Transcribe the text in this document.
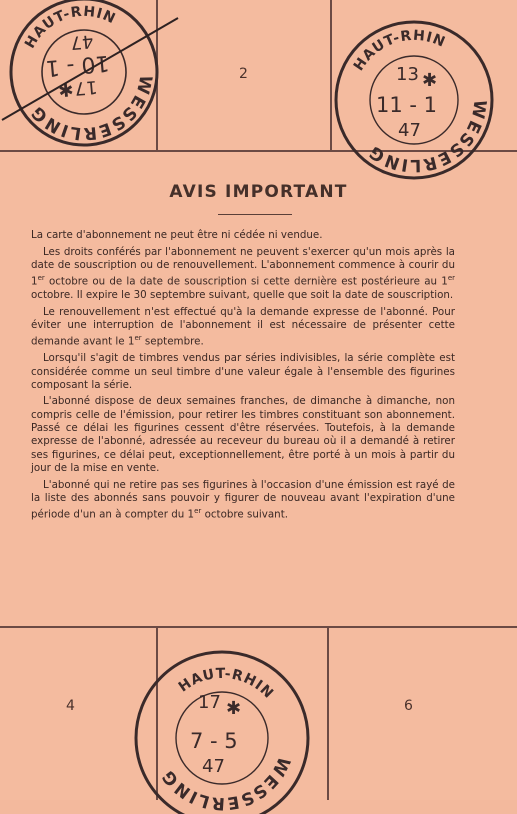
2
4	6
AVIS IMPORTANT

La carte d'abonnement ne peut être ni cédée ni vendue.

Les droits conférés par l'abonnement ne peuvent s'exercer qu'un mois après la date de souscription ou de renouvellement. L'abonnement commence à courir du 1er octobre ou de la date de souscription si cette dernière est postérieure au 1er octobre. Il expire le 30 septembre suivant, quelle que soit la date de souscription.

Le renouvellement n'est effectué qu'à la demande expresse de l'abonné. Pour éviter une interruption de l'abonnement il est nécessaire de présenter cette demande avant le 1er septembre.

Lorsqu'il s'agit de timbres vendus par séries indivisibles, la série complète est considérée comme un seul timbre d'une valeur égale à l'ensemble des figurines composant la série.

L'abonné dispose de deux semaines franches, de dimanche à dimanche, non compris celle de l'émission, pour retirer les timbres constituant son abonnement. Passé ce délai les figurines cessent d'être réservées. Toutefois, à la demande expresse de l'abonné, adressée au receveur du bureau où il a demandé à retirer ses figurines, ce délai peut, exceptionnellement, être porté à un mois à partir du jour de la mise en vente.

L'abonné qui ne retire pas ses figurines à l'occasion d'une émission est rayé de la liste des abonnés sans pouvoir y figurer de nouveau avant l'expiration d'une période d'un an à compter du 1er octobre suivant.

WESSERLING
HAUT-RHIN
17
✱
10 - 1
47
WESSERLING
HAUT-RHIN
13 ✱
11 - 1
47
WESSERLING
HAUT-RHIN
17 ✱
7 - 5
47
